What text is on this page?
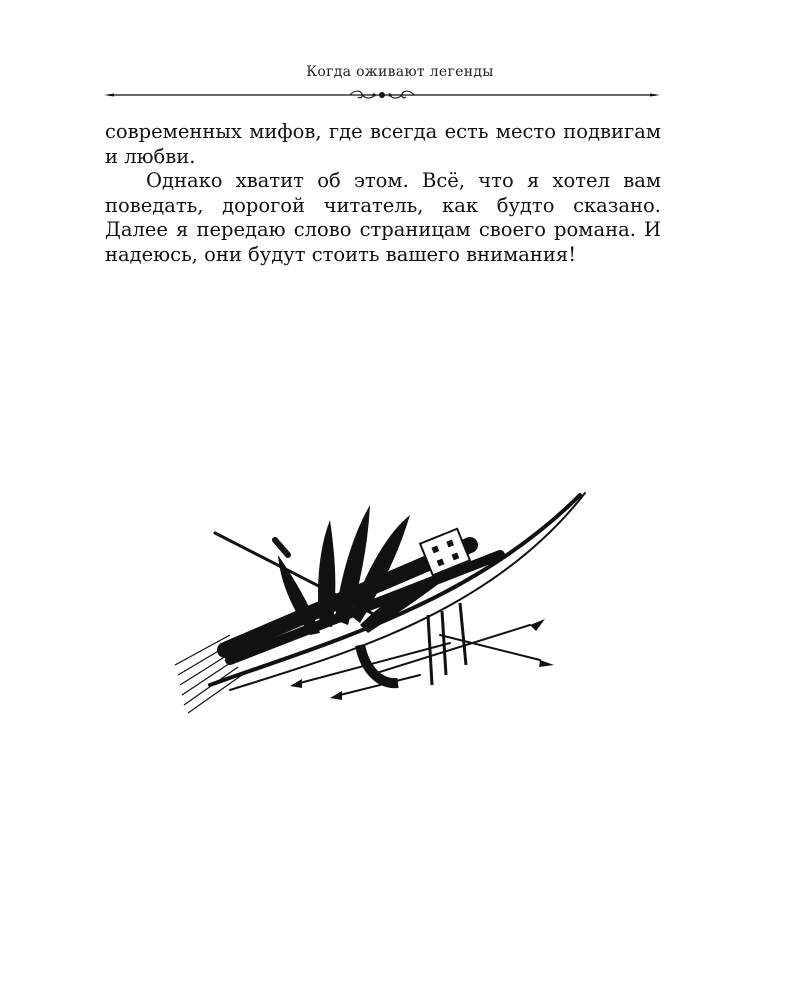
Когда оживают легенды

современных мифов, где всегда есть место подвигам и любви.

Однако хватит об этом. Всё, что я хотел вам поведать, дорогой читатель, как будто сказано. Далее я передаю слово страницам своего романа. И надеюсь, они будут стоить вашего внимания!
